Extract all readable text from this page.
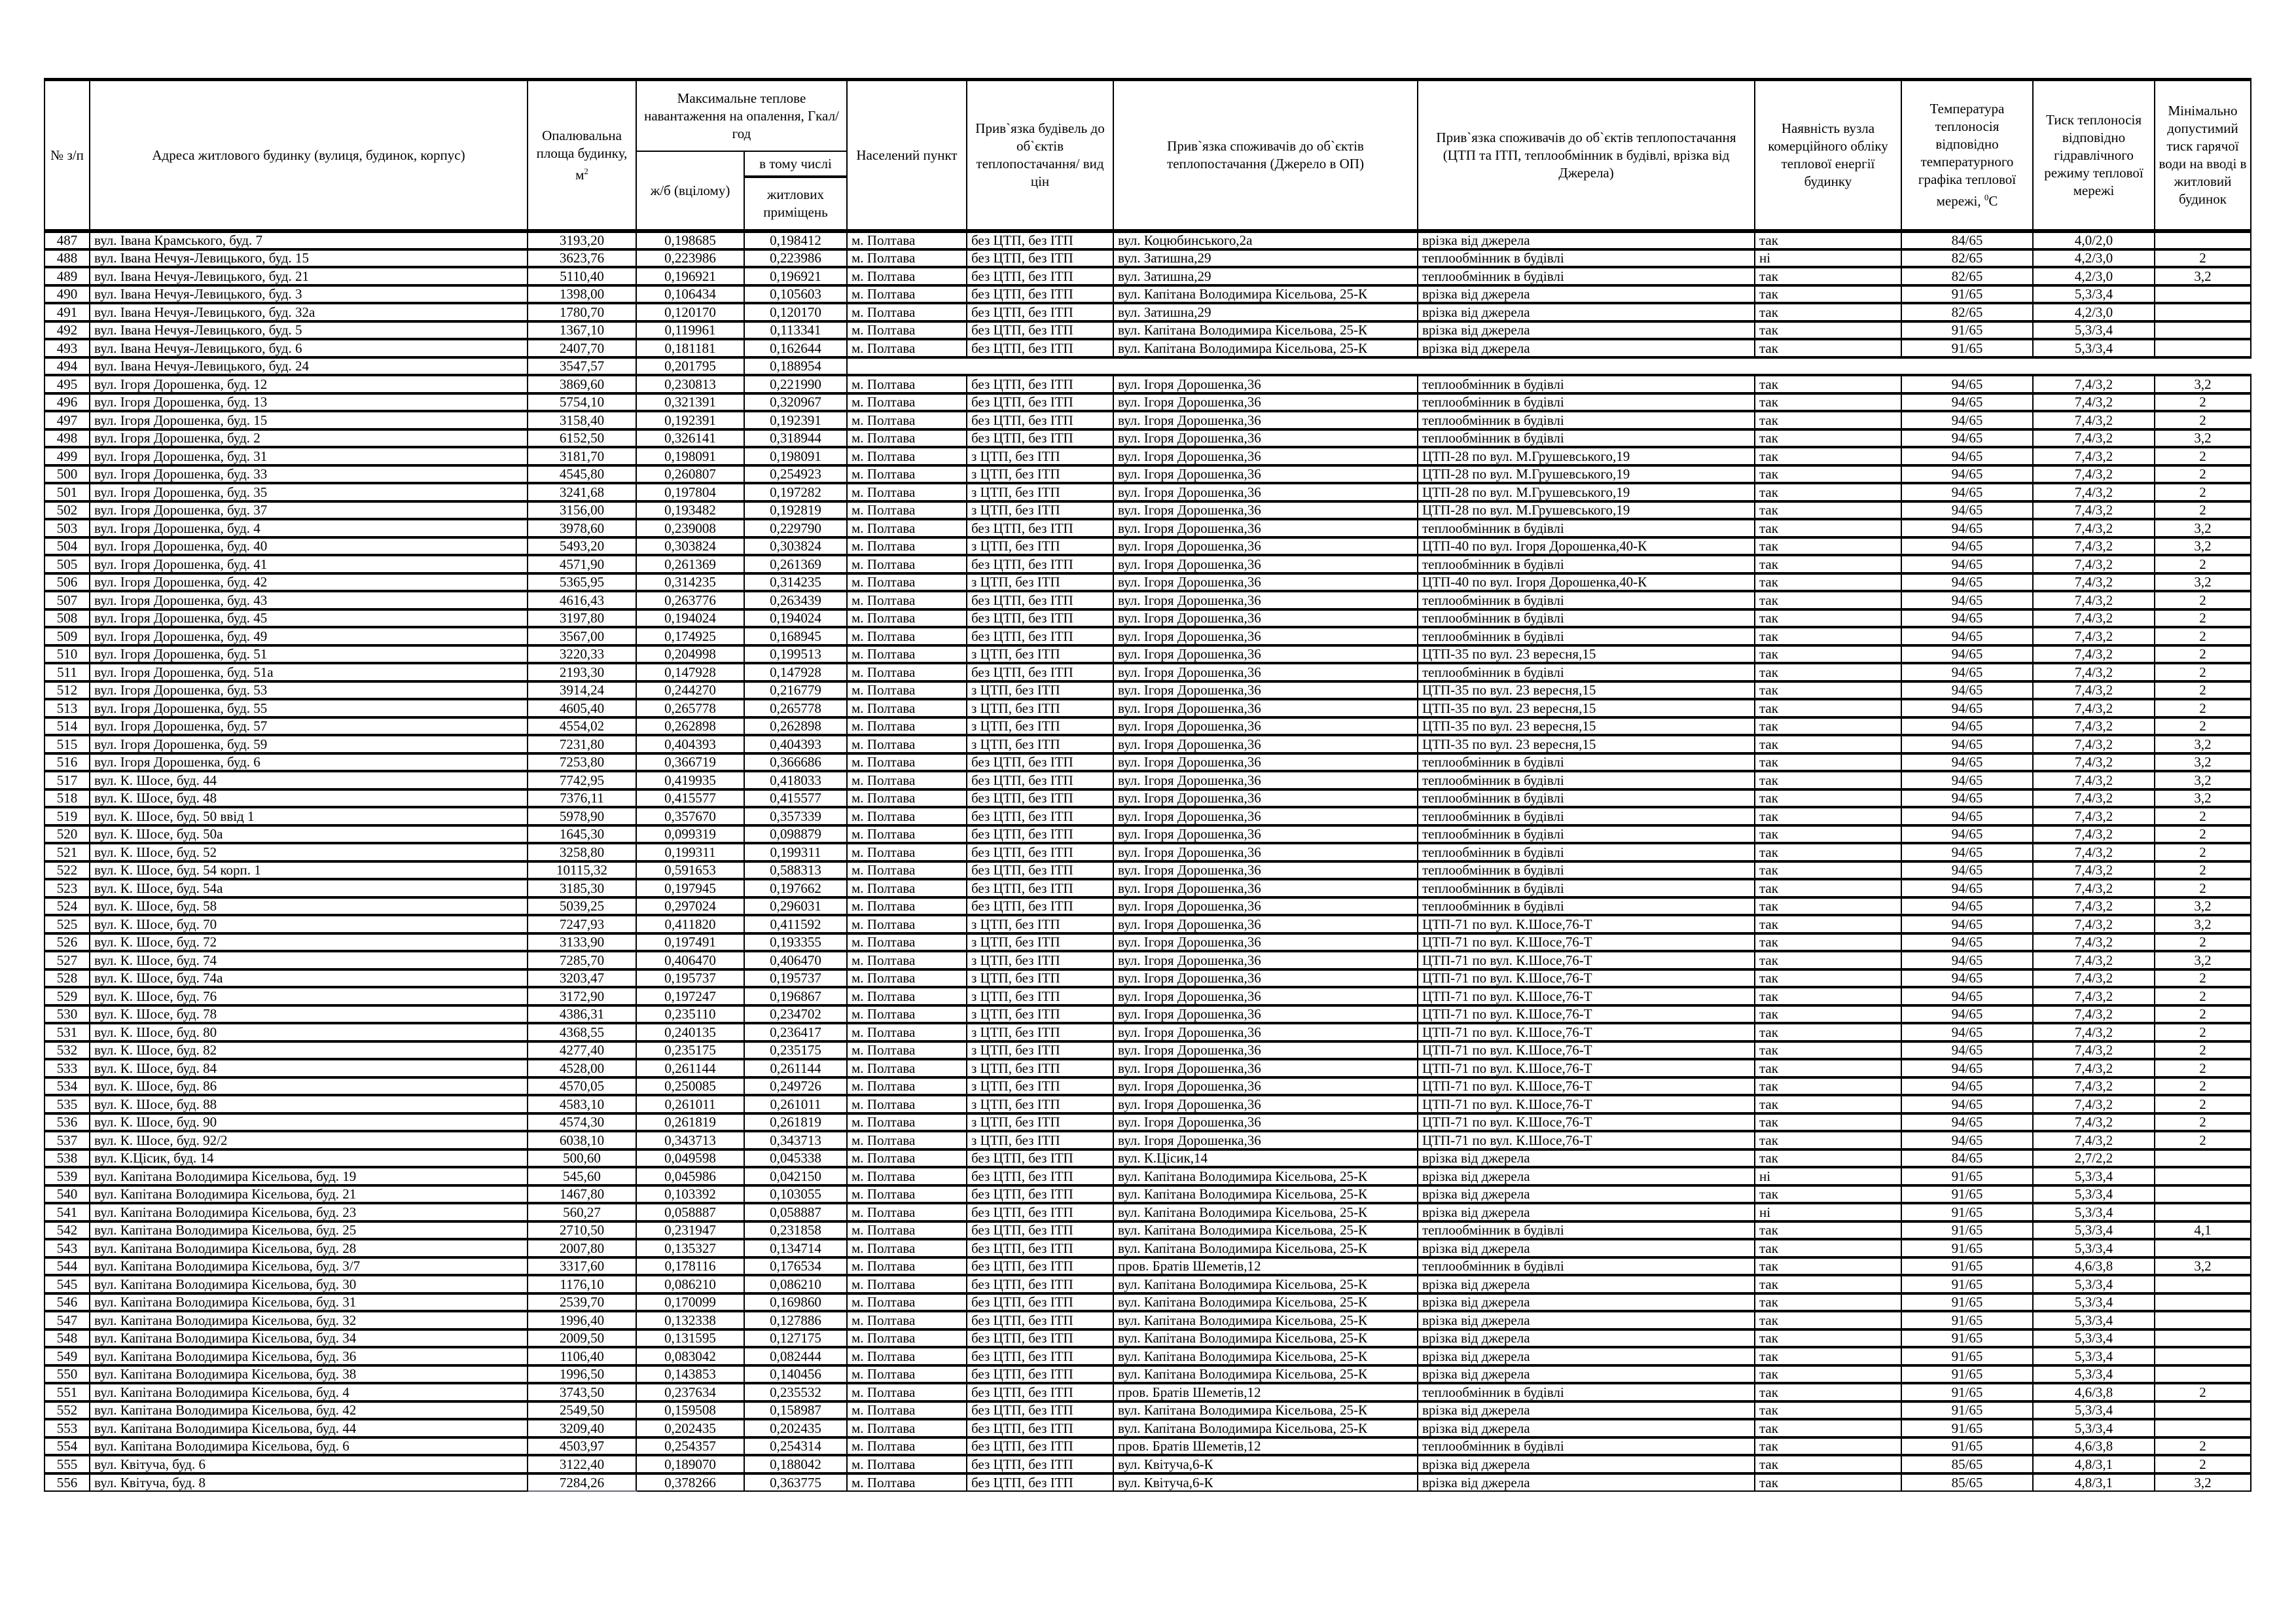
№ з/п	Адреса житлового будинку (вулиця, будинок, корпус)	Опалювальна площа будинку, $м^2$	Максимальне теплове навантаження на опалення, Гкал/год		Населений пункт	Прив`язка будівель до об`єктів теплопостачання/ вид цін	Прив`язка споживачів до об`єктів теплопостачання (Джерело в ОП)	Прив`язка споживачів до об`єктів теплопостачання (ЦТП та ІТП, теплообмінник в будівлі, врізка від Джерела)	Наявність вузла комерційного обліку теплової енергії будинку	Температура теплоносія відповідно температурного графіка теплової мережі, $^0$С	Тиск теплоносія відповідно гідравлічного режиму теплової мережі	Мінімально допустимий тиск гарячої води на вводі в житловий будинок
			ж/б (вцілому)	в тому числі								
				житлових приміщень								
487	вул. Івана Крамського, буд. 7	3193,20	0,198685	0,198412	м. Полтава	без ЦТП, без ІТП	вул. Коцюбинського,2а	врізка від джерела	так	84/65	4,0/2,0	
488	вул. Івана Нечуя-Левицького, буд. 15	3623,76	0,223986	0,223986	м. Полтава	без ЦТП, без ІТП	вул. Затишна,29	теплообмінник в будівлі	ні	82/65	4,2/3,0	2
489	вул. Івана Нечуя-Левицького, буд. 21	5110,40	0,196921	0,196921	м. Полтава	без ЦТП, без ІТП	вул. Затишна,29	теплообмінник в будівлі	так	82/65	4,2/3,0	3,2
490	вул. Івана Нечуя-Левицького, буд. 3	1398,00	0,106434	0,105603	м. Полтава	без ЦТП, без ІТП	вул. Капітана Володимира Кісельова, 25-К	врізка від джерела	так	91/65	5,3/3,4	
491	вул. Івана Нечуя-Левицького, буд. 32а	1780,70	0,120170	0,120170	м. Полтава	без ЦТП, без ІТП	вул. Затишна,29	врізка від джерела	так	82/65	4,2/3,0	
492	вул. Івана Нечуя-Левицького, буд. 5	1367,10	0,119961	0,113341	м. Полтава	без ЦТП, без ІТП	вул. Капітана Володимира Кісельова, 25-К	врізка від джерела	так	91/65	5,3/3,4	
493	вул. Івана Нечуя-Левицького, буд. 6	2407,70	0,181181	0,162644	м. Полтава	без ЦТП, без ІТП	вул. Капітана Володимира Кісельова, 25-К	врізка від джерела	так	91/65	5,3/3,4	
494	вул. Івана Нечуя-Левицького, буд. 24	3547,57	0,201795	0,188954								
495	вул. Ігоря Дорошенка, буд. 12	3869,60	0,230813	0,221990	м. Полтава	без ЦТП, без ІТП	вул. Ігоря Дорошенка,36	теплообмінник в будівлі	так	94/65	7,4/3,2	3,2
496	вул. Ігоря Дорошенка, буд. 13	5754,10	0,321391	0,320967	м. Полтава	без ЦТП, без ІТП	вул. Ігоря Дорошенка,36	теплообмінник в будівлі	так	94/65	7,4/3,2	2
497	вул. Ігоря Дорошенка, буд. 15	3158,40	0,192391	0,192391	м. Полтава	без ЦТП, без ІТП	вул. Ігоря Дорошенка,36	теплообмінник в будівлі	так	94/65	7,4/3,2	2
498	вул. Ігоря Дорошенка, буд. 2	6152,50	0,326141	0,318944	м. Полтава	без ЦТП, без ІТП	вул. Ігоря Дорошенка,36	теплообмінник в будівлі	так	94/65	7,4/3,2	3,2
499	вул. Ігоря Дорошенка, буд. 31	3181,70	0,198091	0,198091	м. Полтава	з ЦТП, без ІТП	вул. Ігоря Дорошенка,36	ЦТП-28 по вул. М.Грушевського,19	так	94/65	7,4/3,2	2
500	вул. Ігоря Дорошенка, буд. 33	4545,80	0,260807	0,254923	м. Полтава	з ЦТП, без ІТП	вул. Ігоря Дорошенка,36	ЦТП-28 по вул. М.Грушевського,19	так	94/65	7,4/3,2	2
501	вул. Ігоря Дорошенка, буд. 35	3241,68	0,197804	0,197282	м. Полтава	з ЦТП, без ІТП	вул. Ігоря Дорошенка,36	ЦТП-28 по вул. М.Грушевського,19	так	94/65	7,4/3,2	2
502	вул. Ігоря Дорошенка, буд. 37	3156,00	0,193482	0,192819	м. Полтава	з ЦТП, без ІТП	вул. Ігоря Дорошенка,36	ЦТП-28 по вул. М.Грушевського,19	так	94/65	7,4/3,2	2
503	вул. Ігоря Дорошенка, буд. 4	3978,60	0,239008	0,229790	м. Полтава	без ЦТП, без ІТП	вул. Ігоря Дорошенка,36	теплообмінник в будівлі	так	94/65	7,4/3,2	3,2
504	вул. Ігоря Дорошенка, буд. 40	5493,20	0,303824	0,303824	м. Полтава	з ЦТП, без ІТП	вул. Ігоря Дорошенка,36	ЦТП-40 по вул. Ігоря Дорошенка,40-К	так	94/65	7,4/3,2	3,2
505	вул. Ігоря Дорошенка, буд. 41	4571,90	0,261369	0,261369	м. Полтава	без ЦТП, без ІТП	вул. Ігоря Дорошенка,36	теплообмінник в будівлі	так	94/65	7,4/3,2	2
506	вул. Ігоря Дорошенка, буд. 42	5365,95	0,314235	0,314235	м. Полтава	з ЦТП, без ІТП	вул. Ігоря Дорошенка,36	ЦТП-40 по вул. Ігоря Дорошенка,40-К	так	94/65	7,4/3,2	3,2
507	вул. Ігоря Дорошенка, буд. 43	4616,43	0,263776	0,263439	м. Полтава	без ЦТП, без ІТП	вул. Ігоря Дорошенка,36	теплообмінник в будівлі	так	94/65	7,4/3,2	2
508	вул. Ігоря Дорошенка, буд. 45	3197,80	0,194024	0,194024	м. Полтава	без ЦТП, без ІТП	вул. Ігоря Дорошенка,36	теплообмінник в будівлі	так	94/65	7,4/3,2	2
509	вул. Ігоря Дорошенка, буд. 49	3567,00	0,174925	0,168945	м. Полтава	без ЦТП, без ІТП	вул. Ігоря Дорошенка,36	теплообмінник в будівлі	так	94/65	7,4/3,2	2
510	вул. Ігоря Дорошенка, буд. 51	3220,33	0,204998	0,199513	м. Полтава	з ЦТП, без ІТП	вул. Ігоря Дорошенка,36	ЦТП-35 по вул. 23 вересня,15	так	94/65	7,4/3,2	2
511	вул. Ігоря Дорошенка, буд. 51а	2193,30	0,147928	0,147928	м. Полтава	без ЦТП, без ІТП	вул. Ігоря Дорошенка,36	теплообмінник в будівлі	так	94/65	7,4/3,2	2
512	вул. Ігоря Дорошенка, буд. 53	3914,24	0,244270	0,216779	м. Полтава	з ЦТП, без ІТП	вул. Ігоря Дорошенка,36	ЦТП-35 по вул. 23 вересня,15	так	94/65	7,4/3,2	2
513	вул. Ігоря Дорошенка, буд. 55	4605,40	0,265778	0,265778	м. Полтава	з ЦТП, без ІТП	вул. Ігоря Дорошенка,36	ЦТП-35 по вул. 23 вересня,15	так	94/65	7,4/3,2	2
514	вул. Ігоря Дорошенка, буд. 57	4554,02	0,262898	0,262898	м. Полтава	з ЦТП, без ІТП	вул. Ігоря Дорошенка,36	ЦТП-35 по вул. 23 вересня,15	так	94/65	7,4/3,2	2
515	вул. Ігоря Дорошенка, буд. 59	7231,80	0,404393	0,404393	м. Полтава	з ЦТП, без ІТП	вул. Ігоря Дорошенка,36	ЦТП-35 по вул. 23 вересня,15	так	94/65	7,4/3,2	3,2
516	вул. Ігоря Дорошенка, буд. 6	7253,80	0,366719	0,366686	м. Полтава	без ЦТП, без ІТП	вул. Ігоря Дорошенка,36	теплообмінник в будівлі	так	94/65	7,4/3,2	3,2
517	вул. К. Шосе, буд. 44	7742,95	0,419935	0,418033	м. Полтава	без ЦТП, без ІТП	вул. Ігоря Дорошенка,36	теплообмінник в будівлі	так	94/65	7,4/3,2	3,2
518	вул. К. Шосе, буд. 48	7376,11	0,415577	0,415577	м. Полтава	без ЦТП, без ІТП	вул. Ігоря Дорошенка,36	теплообмінник в будівлі	так	94/65	7,4/3,2	3,2
519	вул. К. Шосе, буд. 50 ввід 1	5978,90	0,357670	0,357339	м. Полтава	без ЦТП, без ІТП	вул. Ігоря Дорошенка,36	теплообмінник в будівлі	так	94/65	7,4/3,2	2
520	вул. К. Шосе, буд. 50а	1645,30	0,099319	0,098879	м. Полтава	без ЦТП, без ІТП	вул. Ігоря Дорошенка,36	теплообмінник в будівлі	так	94/65	7,4/3,2	2
521	вул. К. Шосе, буд. 52	3258,80	0,199311	0,199311	м. Полтава	без ЦТП, без ІТП	вул. Ігоря Дорошенка,36	теплообмінник в будівлі	так	94/65	7,4/3,2	2
522	вул. К. Шосе, буд. 54 корп. 1	10115,32	0,591653	0,588313	м. Полтава	без ЦТП, без ІТП	вул. Ігоря Дорошенка,36	теплообмінник в будівлі	так	94/65	7,4/3,2	2
523	вул. К. Шосе, буд. 54а	3185,30	0,197945	0,197662	м. Полтава	без ЦТП, без ІТП	вул. Ігоря Дорошенка,36	теплообмінник в будівлі	так	94/65	7,4/3,2	2
524	вул. К. Шосе, буд. 58	5039,25	0,297024	0,296031	м. Полтава	без ЦТП, без ІТП	вул. Ігоря Дорошенка,36	теплообмінник в будівлі	так	94/65	7,4/3,2	3,2
525	вул. К. Шосе, буд. 70	7247,93	0,411820	0,411592	м. Полтава	з ЦТП, без ІТП	вул. Ігоря Дорошенка,36	ЦТП-71 по вул. К.Шосе,76-Т	так	94/65	7,4/3,2	3,2
526	вул. К. Шосе, буд. 72	3133,90	0,197491	0,193355	м. Полтава	з ЦТП, без ІТП	вул. Ігоря Дорошенка,36	ЦТП-71 по вул. К.Шосе,76-Т	так	94/65	7,4/3,2	2
527	вул. К. Шосе, буд. 74	7285,70	0,406470	0,406470	м. Полтава	з ЦТП, без ІТП	вул. Ігоря Дорошенка,36	ЦТП-71 по вул. К.Шосе,76-Т	так	94/65	7,4/3,2	3,2
528	вул. К. Шосе, буд. 74а	3203,47	0,195737	0,195737	м. Полтава	з ЦТП, без ІТП	вул. Ігоря Дорошенка,36	ЦТП-71 по вул. К.Шосе,76-Т	так	94/65	7,4/3,2	2
529	вул. К. Шосе, буд. 76	3172,90	0,197247	0,196867	м. Полтава	з ЦТП, без ІТП	вул. Ігоря Дорошенка,36	ЦТП-71 по вул. К.Шосе,76-Т	так	94/65	7,4/3,2	2
530	вул. К. Шосе, буд. 78	4386,31	0,235110	0,234702	м. Полтава	з ЦТП, без ІТП	вул. Ігоря Дорошенка,36	ЦТП-71 по вул. К.Шосе,76-Т	так	94/65	7,4/3,2	2
531	вул. К. Шосе, буд. 80	4368,55	0,240135	0,236417	м. Полтава	з ЦТП, без ІТП	вул. Ігоря Дорошенка,36	ЦТП-71 по вул. К.Шосе,76-Т	так	94/65	7,4/3,2	2
532	вул. К. Шосе, буд. 82	4277,40	0,235175	0,235175	м. Полтава	з ЦТП, без ІТП	вул. Ігоря Дорошенка,36	ЦТП-71 по вул. К.Шосе,76-Т	так	94/65	7,4/3,2	2
533	вул. К. Шосе, буд. 84	4528,00	0,261144	0,261144	м. Полтава	з ЦТП, без ІТП	вул. Ігоря Дорошенка,36	ЦТП-71 по вул. К.Шосе,76-Т	так	94/65	7,4/3,2	2
534	вул. К. Шосе, буд. 86	4570,05	0,250085	0,249726	м. Полтава	з ЦТП, без ІТП	вул. Ігоря Дорошенка,36	ЦТП-71 по вул. К.Шосе,76-Т	так	94/65	7,4/3,2	2
535	вул. К. Шосе, буд. 88	4583,10	0,261011	0,261011	м. Полтава	з ЦТП, без ІТП	вул. Ігоря Дорошенка,36	ЦТП-71 по вул. К.Шосе,76-Т	так	94/65	7,4/3,2	2
536	вул. К. Шосе, буд. 90	4574,30	0,261819	0,261819	м. Полтава	з ЦТП, без ІТП	вул. Ігоря Дорошенка,36	ЦТП-71 по вул. К.Шосе,76-Т	так	94/65	7,4/3,2	2
537	вул. К. Шосе, буд. 92/2	6038,10	0,343713	0,343713	м. Полтава	з ЦТП, без ІТП	вул. Ігоря Дорошенка,36	ЦТП-71 по вул. К.Шосе,76-Т	так	94/65	7,4/3,2	2
538	вул. К.Цісик, буд. 14	500,60	0,049598	0,045338	м. Полтава	без ЦТП, без ІТП	вул. К.Цісик,14	врізка від джерела	так	84/65	2,7/2,2	
539	вул. Капітана Володимира Кісельова, буд. 19	545,60	0,045986	0,042150	м. Полтава	без ЦТП, без ІТП	вул. Капітана Володимира Кісельова, 25-К	врізка від джерела	ні	91/65	5,3/3,4	
540	вул. Капітана Володимира Кісельова, буд. 21	1467,80	0,103392	0,103055	м. Полтава	без ЦТП, без ІТП	вул. Капітана Володимира Кісельова, 25-К	врізка від джерела	так	91/65	5,3/3,4	
541	вул. Капітана Володимира Кісельова, буд. 23	560,27	0,058887	0,058887	м. Полтава	без ЦТП, без ІТП	вул. Капітана Володимира Кісельова, 25-К	врізка від джерела	ні	91/65	5,3/3,4	
542	вул. Капітана Володимира Кісельова, буд. 25	2710,50	0,231947	0,231858	м. Полтава	без ЦТП, без ІТП	вул. Капітана Володимира Кісельова, 25-К	теплообмінник в будівлі	так	91/65	5,3/3,4	4,1
543	вул. Капітана Володимира Кісельова, буд. 28	2007,80	0,135327	0,134714	м. Полтава	без ЦТП, без ІТП	вул. Капітана Володимира Кісельова, 25-К	врізка від джерела	так	91/65	5,3/3,4	
544	вул. Капітана Володимира Кісельова, буд. 3/7	3317,60	0,178116	0,176534	м. Полтава	без ЦТП, без ІТП	пров. Братів Шеметів,12	теплообмінник в будівлі	так	91/65	4,6/3,8	3,2
545	вул. Капітана Володимира Кісельова, буд. 30	1176,10	0,086210	0,086210	м. Полтава	без ЦТП, без ІТП	вул. Капітана Володимира Кісельова, 25-К	врізка від джерела	так	91/65	5,3/3,4	
546	вул. Капітана Володимира Кісельова, буд. 31	2539,70	0,170099	0,169860	м. Полтава	без ЦТП, без ІТП	вул. Капітана Володимира Кісельова, 25-К	врізка від джерела	так	91/65	5,3/3,4	
547	вул. Капітана Володимира Кісельова, буд. 32	1996,40	0,132338	0,127886	м. Полтава	без ЦТП, без ІТП	вул. Капітана Володимира Кісельова, 25-К	врізка від джерела	так	91/65	5,3/3,4	
548	вул. Капітана Володимира Кісельова, буд. 34	2009,50	0,131595	0,127175	м. Полтава	без ЦТП, без ІТП	вул. Капітана Володимира Кісельова, 25-К	врізка від джерела	так	91/65	5,3/3,4	
549	вул. Капітана Володимира Кісельова, буд. 36	1106,40	0,083042	0,082444	м. Полтава	без ЦТП, без ІТП	вул. Капітана Володимира Кісельова, 25-К	врізка від джерела	так	91/65	5,3/3,4	
550	вул. Капітана Володимира Кісельова, буд. 38	1996,50	0,143853	0,140456	м. Полтава	без ЦТП, без ІТП	вул. Капітана Володимира Кісельова, 25-К	врізка від джерела	так	91/65	5,3/3,4	
551	вул. Капітана Володимира Кісельова, буд. 4	3743,50	0,237634	0,235532	м. Полтава	без ЦТП, без ІТП	пров. Братів Шеметів,12	теплообмінник в будівлі	так	91/65	4,6/3,8	2
552	вул. Капітана Володимира Кісельова, буд. 42	2549,50	0,159508	0,158987	м. Полтава	без ЦТП, без ІТП	вул. Капітана Володимира Кісельова, 25-К	врізка від джерела	так	91/65	5,3/3,4	
553	вул. Капітана Володимира Кісельова, буд. 44	3209,40	0,202435	0,202435	м. Полтава	без ЦТП, без ІТП	вул. Капітана Володимира Кісельова, 25-К	врізка від джерела	так	91/65	5,3/3,4	
554	вул. Капітана Володимира Кісельова, буд. 6	4503,97	0,254357	0,254314	м. Полтава	без ЦТП, без ІТП	пров. Братів Шеметів,12	теплообмінник в будівлі	так	91/65	4,6/3,8	2
555	вул. Квітуча, буд. 6	3122,40	0,189070	0,188042	м. Полтава	без ЦТП, без ІТП	вул. Квітуча,6-К	врізка від джерела	так	85/65	4,8/3,1	2
556	вул. Квітуча, буд. 8	7284,26	0,378266	0,363775	м. Полтава	без ЦТП, без ІТП	вул. Квітуча,6-К	врізка від джерела	так	85/65	4,8/3,1	3,2
